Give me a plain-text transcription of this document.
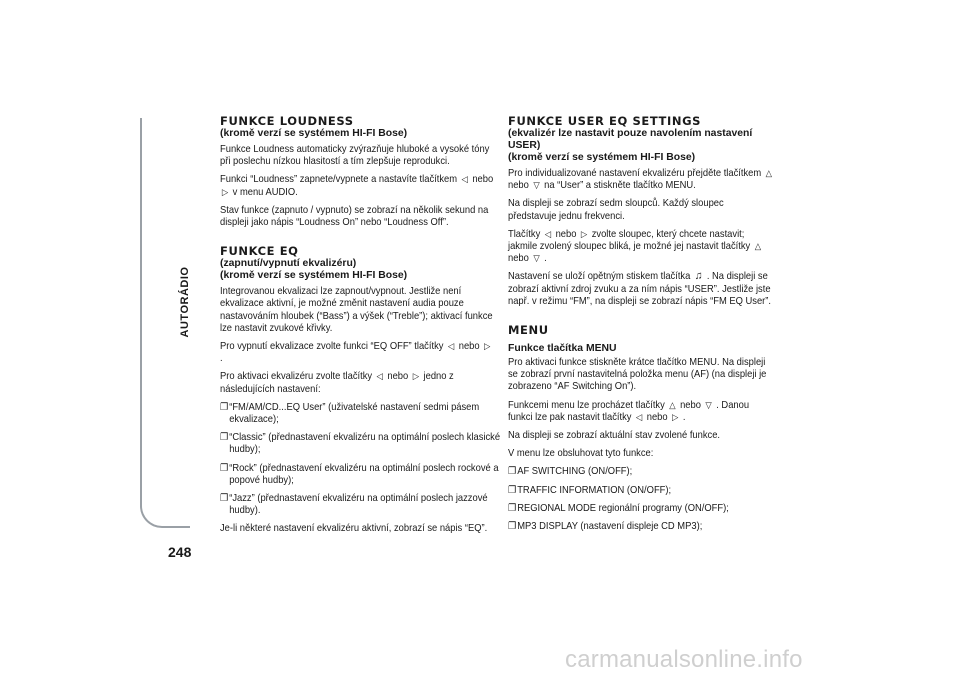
AUTORÁDIO
248
FUNKCE LOUDNESS
(kromě verzí se systémem HI-FI Bose)

Funkce Loudness automaticky zvýrazňuje hluboké a vysoké tóny při poslechu nízkou hlasitostí a tím zlepšuje reprodukci.

Funkci “Loudness” zapnete/vypnete a nastavíte tlačítkem ◁ nebo ▷ v menu AUDIO.

Stav funkce (zapnuto / vypnuto) se zobrazí na několik sekund na displeji jako nápis “Loudness On” nebo “Loudness Off”.

FUNKCE EQ
(zapnutí/vypnutí ekvalizéru)
(kromě verzí se systémem HI-FI Bose)

Integrovanou ekvalizaci lze zapnout/vypnout. Jestliže není ekvalizace aktivní, je možné změnit nastavení audia pouze nastavováním hloubek (“Bass”) a výšek (“Treble”); aktivací funkce lze nastavit zvukové křivky.

Pro vypnutí ekvalizace zvolte funkci “EQ OFF” tlačítky ◁ nebo ▷ .

Pro aktivaci ekvalizéru zvolte tlačítky ◁ nebo ▷ jedno z následujících nastavení:

❐ “FM/AM/CD...EQ User” (uživatelské nastavení sedmi pásem ekvalizace);

❐ “Classic” (přednastavení ekvalizéru na optimální poslech klasické hudby);

❐ “Rock” (přednastavení ekvalizéru na optimální poslech rockové a popové hudby);

❐ “Jazz” (přednastavení ekvalizéru na optimální poslech jazzové hudby).

Je-li některé nastavení ekvalizéru aktivní, zobrazí se nápis “EQ”.

FUNKCE USER EQ SETTINGS
(ekvalizér lze nastavit pouze navolením nastavení USER)
(kromě verzí se systémem HI-FI Bose)

Pro individualizované nastavení ekvalizéru přejděte tlačítkem △ nebo ▽ na “User” a stiskněte tlačítko MENU.

Na displeji se zobrazí sedm sloupců. Každý sloupec představuje jednu frekvenci.

Tlačítky ◁ nebo ▷ zvolte sloupec, který chcete nastavit; jakmile zvolený sloupec bliká, je možné jej nastavit tlačítky △ nebo ▽ .

Nastavení se uloží opětným stiskem tlačítka ♫ . Na displeji se zobrazí aktivní zdroj zvuku a za ním nápis “USER”. Jestliže jste např. v režimu “FM”, na displeji se zobrazí nápis “FM EQ User”.

MENU
Funkce tlačítka MENU

Pro aktivaci funkce stiskněte krátce tlačítko MENU. Na displeji se zobrazí první nastavitelná položka menu (AF) (na displeji je zobrazeno “AF Switching On”).

Funkcemi menu lze procházet tlačítky △ nebo ▽ . Danou funkci lze pak nastavit tlačítky ◁ nebo ▷ .

Na displeji se zobrazí aktuální stav zvolené funkce.

V menu lze obsluhovat tyto funkce:

❐ AF SWITCHING (ON/OFF);

❐ TRAFFIC INFORMATION (ON/OFF);

❐ REGIONAL MODE regionální programy (ON/OFF);

❐ MP3 DISPLAY (nastavení displeje CD MP3);

carmanualsonline.info
